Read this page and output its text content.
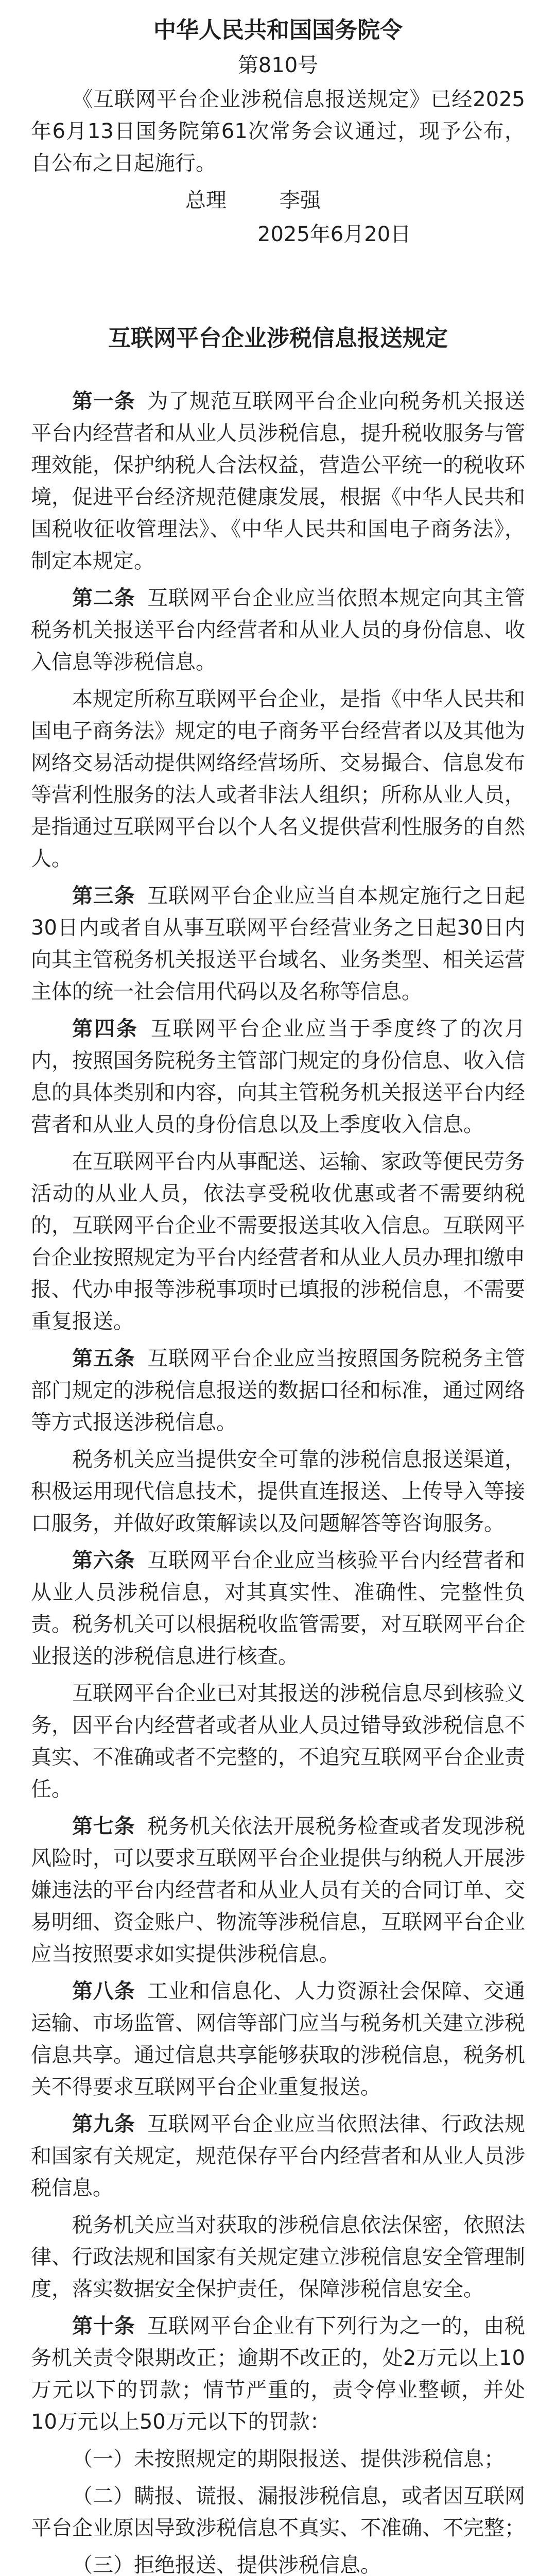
中华人民共和国国务院令
第810号

《互联网平台企业涉税信息报送规定》已经2025年6月13日国务院第61次常务会议通过，现予公布，自公布之日起施行。

总理	李强

2025年6月20日

互联网平台企业涉税信息报送规定

第一条 为了规范互联网平台企业向税务机关报送平台内经营者和从业人员涉税信息，提升税收服务与管理效能，保护纳税人合法权益，营造公平统一的税收环境，促进平台经济规范健康发展，根据《中华人民共和国税收征收管理法》、《中华人民共和国电子商务法》，制定本规定。

第二条 互联网平台企业应当依照本规定向其主管税务机关报送平台内经营者和从业人员的身份信息、收入信息等涉税信息。

本规定所称互联网平台企业，是指《中华人民共和国电子商务法》规定的电子商务平台经营者以及其他为网络交易活动提供网络经营场所、交易撮合、信息发布等营利性服务的法人或者非法人组织；所称从业人员，是指通过互联网平台以个人名义提供营利性服务的自然人。

第三条 互联网平台企业应当自本规定施行之日起30日内或者自从事互联网平台经营业务之日起30日内向其主管税务机关报送平台域名、业务类型、相关运营主体的统一社会信用代码以及名称等信息。

第四条 互联网平台企业应当于季度终了的次月内，按照国务院税务主管部门规定的身份信息、收入信息的具体类别和内容，向其主管税务机关报送平台内经营者和从业人员的身份信息以及上季度收入信息。

在互联网平台内从事配送、运输、家政等便民劳务活动的从业人员，依法享受税收优惠或者不需要纳税的，互联网平台企业不需要报送其收入信息。互联网平台企业按照规定为平台内经营者和从业人员办理扣缴申报、代办申报等涉税事项时已填报的涉税信息，不需要重复报送。

第五条 互联网平台企业应当按照国务院税务主管部门规定的涉税信息报送的数据口径和标准，通过网络等方式报送涉税信息。

税务机关应当提供安全可靠的涉税信息报送渠道，积极运用现代信息技术，提供直连报送、上传导入等接口服务，并做好政策解读以及问题解答等咨询服务。

第六条 互联网平台企业应当核验平台内经营者和从业人员涉税信息，对其真实性、准确性、完整性负责。税务机关可以根据税收监管需要，对互联网平台企业报送的涉税信息进行核查。

互联网平台企业已对其报送的涉税信息尽到核验义务，因平台内经营者或者从业人员过错导致涉税信息不真实、不准确或者不完整的，不追究互联网平台企业责任。

第七条 税务机关依法开展税务检查或者发现涉税风险时，可以要求互联网平台企业提供与纳税人开展涉嫌违法的平台内经营者和从业人员有关的合同订单、交易明细、资金账户、物流等涉税信息，互联网平台企业应当按照要求如实提供涉税信息。

第八条 工业和信息化、人力资源社会保障、交通运输、市场监管、网信等部门应当与税务机关建立涉税信息共享。通过信息共享能够获取的涉税信息，税务机关不得要求互联网平台企业重复报送。

第九条 互联网平台企业应当依照法律、行政法规和国家有关规定，规范保存平台内经营者和从业人员涉税信息。

税务机关应当对获取的涉税信息依法保密，依照法律、行政法规和国家有关规定建立涉税信息安全管理制度，落实数据安全保护责任，保障涉税信息安全。

第十条 互联网平台企业有下列行为之一的，由税务机关责令限期改正；逾期不改正的，处2万元以上10万元以下的罚款；情节严重的，责令停业整顿，并处10万元以上50万元以下的罚款：

（一）未按照规定的期限报送、提供涉税信息；

（二）瞒报、谎报、漏报涉税信息，或者因互联网平台企业原因导致涉税信息不真实、不准确、不完整；

（三）拒绝报送、提供涉税信息。
